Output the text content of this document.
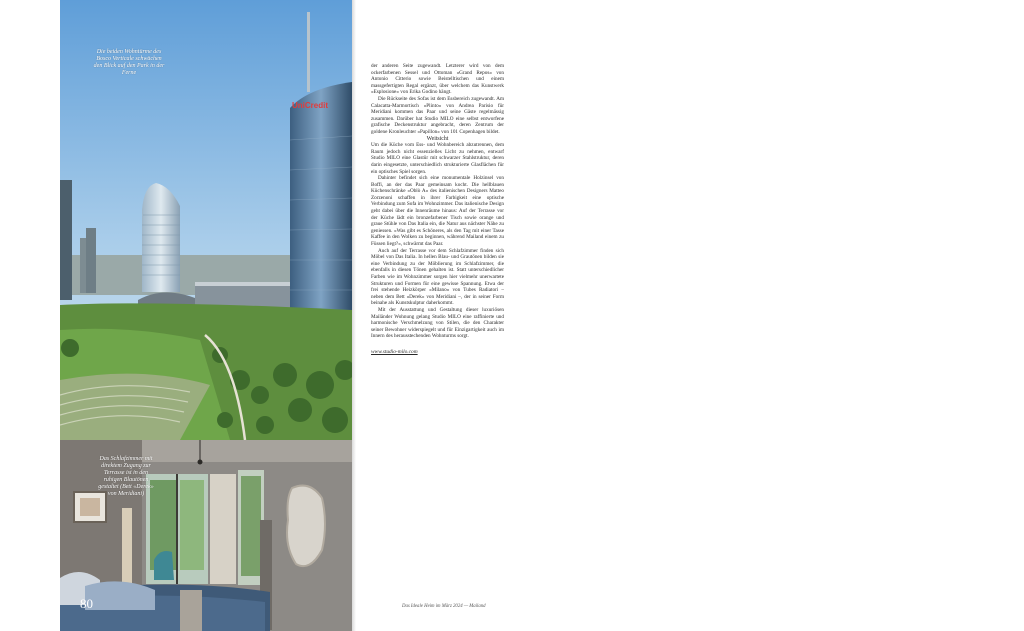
UniCredit
Die beiden Wohntürme des Bosco Verticale schwächen den Blick auf den Park in der Ferne
Das Schlafzimmer mit direktem Zugang zur Terrasse ist in den ruhigen Blautönen gestaltet (Bett «Derek» von Meridiani)
80

der anderen Seite zugewandt. Letzterer wird von dem ockerfarbenen Sessel und Ottoman «Grand Repos» von Antonio Citterio sowie Beistelltischen und einem massgefertigten Regal ergänzt, über welchem das Kunstwerk «Esplosione» von Erika Godino hängt.

Die Rückseite des Sofas ist dem Essbereich zugewandt. Am Calacatta-Marmortisch «Plinto» von Andrea Parisio für Meridiani kommen das Paar und seine Gäste regelmässig zusammen. Darüber hat Studio MILO eine selbst entworfene grafische Deckenstruktur angebracht, deren Zentrum der goldene Kronleuchter «Papillon» von 101 Copenhagen bildet.

Weitsicht

Um die Küche vom Ess- und Wohnbereich abzutrennen, dem Raum jedoch nicht essenzielles Licht zu nehmen, entwarf Studio MILO eine Glastür mit schwarzer Stahlstruktur, deren darin eingesetzte, unterschiedlich strukturierte Glasflächen für ein optisches Spiel sorgen.

Dahinter befindet sich eine monumentale Holzinsel von Boffi, an der das Paar gemeinsam kocht. Die hellblauen Küchenschränke «Oblò A» des italienischen Designers Matteo Zorzenoni schaffen in ihrer Farbigkeit eine optische Verbindung zum Sofa im Wohnzimmer. Das italienische Design geht dabei über die Innenräume hinaus: Auf der Terrasse vor der Küche lädt ein bronzefarbener Tisch sowie orange und graue Stühle von Das Italia ein, die Natur aus nächster Nähe zu geniessen. «Was gibt es Schöneres, als den Tag mit einer Tasse Kaffee in den Wolken zu beginnen, während Mailand einem zu Füssen liegt?», schwärmt das Paar.

Auch auf der Terrasse vor dem Schlafzimmer finden sich Möbel von Das Italia. In hellen Blau- und Grautönen bilden sie eine Verbindung zu der Möblierung im Schlafzimmer, die ebenfalls in diesen Tönen gehalten ist. Statt unterschiedlicher Farben wie im Wohnzimmer sorgen hier vielmehr unerwartete Strukturen und Formen für eine gewisse Spannung. Etwa der frei stehende Heizkörper «Milano» von Tubes Radiatori – neben dem Bett «Derek» von Meridiani –, der in seiner Form beinahe als Kunstskulptur daherkommt.

Mit der Ausstattung und Gestaltung dieser luxuriösen Mailänder Wohnung gelang Studio MILO eine raffinierte und harmonische Verschmelzung von Stilen, die den Charakter seiner Bewohner widerspiegelt und für Einzigartigkeit auch im Innern des herausstechenden Wohnturms sorgt.

www.studio-milo.com

Das Ideale Heim im März 2024 — Mailand
